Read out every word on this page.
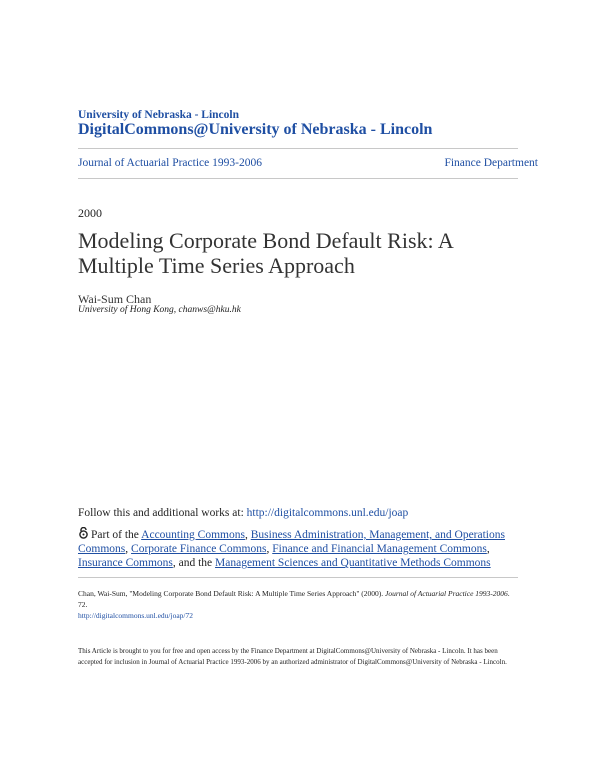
University of Nebraska - Lincoln
DigitalCommons@University of Nebraska - Lincoln
Journal of Actuarial Practice 1993-2006	Finance Department
2000
Modeling Corporate Bond Default Risk: A Multiple Time Series Approach
Wai-Sum Chan
University of Hong Kong, chanws@hku.hk
Follow this and additional works at: http://digitalcommons.unl.edu/joap
Part of the Accounting Commons, Business Administration, Management, and Operations Commons, Corporate Finance Commons, Finance and Financial Management Commons, Insurance Commons, and the Management Sciences and Quantitative Methods Commons
Chan, Wai-Sum, "Modeling Corporate Bond Default Risk: A Multiple Time Series Approach" (2000). Journal of Actuarial Practice 1993-2006. 72.
http://digitalcommons.unl.edu/joap/72
This Article is brought to you for free and open access by the Finance Department at DigitalCommons@University of Nebraska - Lincoln. It has been accepted for inclusion in Journal of Actuarial Practice 1993-2006 by an authorized administrator of DigitalCommons@University of Nebraska - Lincoln.
